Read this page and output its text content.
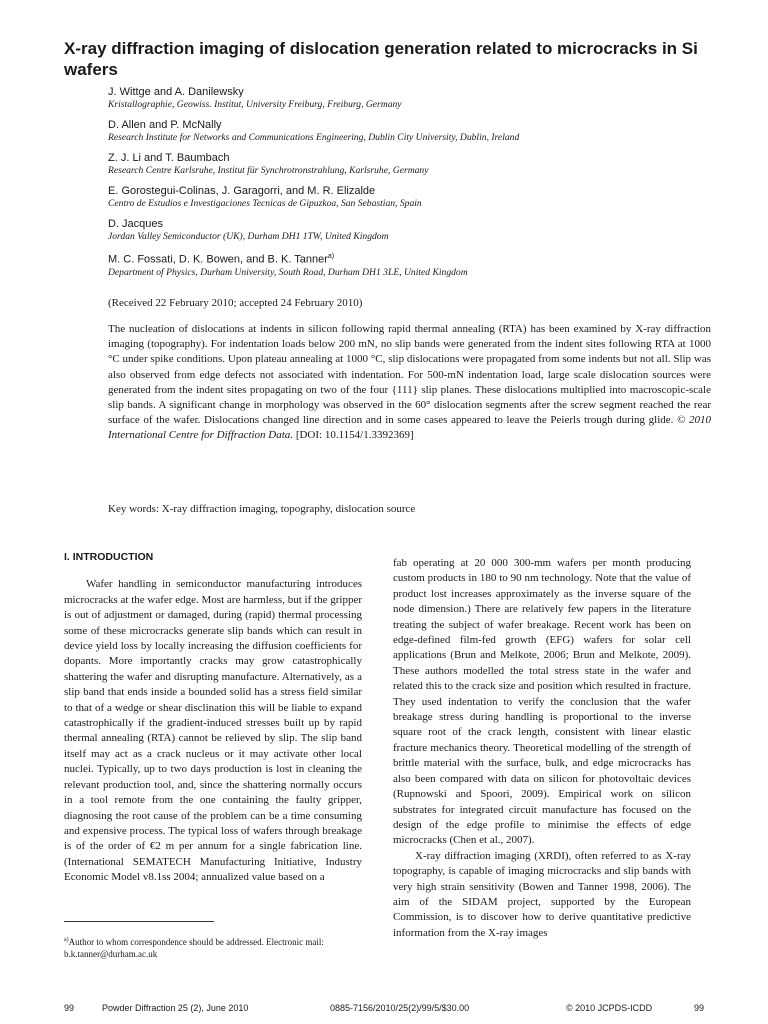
X-ray diffraction imaging of dislocation generation related to microcracks in Si wafers
J. Wittge and A. Danilewsky
Kristallographie, Geowiss. Institut, University Freiburg, Freiburg, Germany
D. Allen and P. McNally
Research Institute for Networks and Communications Engineering, Dublin City University, Dublin, Ireland
Z. J. Li and T. Baumbach
Research Centre Karlsruhe, Institut für Synchrotronstrahlung, Karlsruhe, Germany
E. Gorostegui-Colinas, J. Garagorri, and M. R. Elizalde
Centro de Estudios e Investigaciones Tecnicas de Gipuzkoa, San Sebastian, Spain
D. Jacques
Jordan Valley Semiconductor (UK), Durham DH1 1TW, United Kingdom
M. C. Fossati, D. K. Bowen, and B. K. Tanner$^{a)}$
Department of Physics, Durham University, South Road, Durham DH1 3LE, United Kingdom
(Received 22 February 2010; accepted 24 February 2010)

The nucleation of dislocations at indents in silicon following rapid thermal annealing (RTA) has been examined by X-ray diffraction imaging (topography). For indentation loads below 200 mN, no slip bands were generated from the indent sites following RTA at 1000 °C under spike conditions. Upon plateau annealing at 1000 °C, slip dislocations were propagated from some indents but not all. Slip was also observed from edge defects not associated with indentation. For 500-mN indentation load, large scale dislocation sources were generated from the indent sites propagating on two of the four {111} slip planes. These dislocations multiplied into macroscopic-scale slip bands. A significant change in morphology was observed in the 60° dislocation segments after the screw segment reached the rear surface of the wafer. Dislocations changed line direction and in some cases appeared to leave the Peierls trough during glide. © 2010 International Centre for Diffraction Data. [DOI: 10.1154/1.3392369]

Key words: X-ray diffraction imaging, topography, dislocation source
I. INTRODUCTION

Wafer handling in semiconductor manufacturing introduces microcracks at the wafer edge. Most are harmless, but if the gripper is out of adjustment or damaged, during (rapid) thermal processing some of these microcracks generate slip bands which can result in device yield loss by locally increasing the diffusion coefficients for dopants. More importantly cracks may grow catastrophically shattering the wafer and disrupting manufacture. Alternatively, as a slip band that ends inside a bounded solid has a stress field similar to that of a wedge or shear disclination this will be liable to expand catastrophically if the gradient-induced stresses built up by rapid thermal annealing (RTA) cannot be relieved by slip. The slip band itself may act as a crack nucleus or it may activate other local nuclei. Typically, up to two days production is lost in cleaning the relevant production tool, and, since the shattering normally occurs in a tool remote from the one containing the faulty gripper, diagnosing the root cause of the problem can be a time consuming and expensive process. The typical loss of wafers through breakage is of the order of €2 m per annum for a single fabrication line. (International SEMATECH Manufacturing Initiative, Industry Economic Model v8.1ss 2004; annualized value based on a

fab operating at 20 000 300-mm wafers per month producing custom products in 180 to 90 nm technology. Note that the value of product lost increases approximately as the inverse square of the node dimension.) There are relatively few papers in the literature treating the subject of wafer breakage. Recent work has been on edge-defined film-fed growth (EFG) wafers for solar cell applications (Brun and Melkote, 2006; Brun and Melkote, 2009). These authors modelled the total stress state in the wafer and related this to the crack size and position which resulted in fracture. They used indentation to verify the conclusion that the wafer breakage stress during handling is proportional to the inverse square root of the crack length, consistent with linear elastic fracture mechanics theory. Theoretical modelling of the strength of brittle material with the surface, bulk, and edge microcracks has also been compared with data on silicon for photovoltaic devices (Rupnowski and Spoori, 2009). Empirical work on silicon substrates for integrated circuit manufacture has focused on the design of the edge profile to minimise the effects of edge microcracks (Chen et al., 2007).

X-ray diffraction imaging (XRDI), often referred to as X-ray topography, is capable of imaging microcracks and slip bands with very high strain sensitivity (Bowen and Tanner 1998, 2006). The aim of the SIDAM project, supported by the European Commission, is to discover how to derive quantitative predictive information from the X-ray images

$^{a)}$Author to whom correspondence should be addressed. Electronic mail: b.k.tanner@durham.ac.uk
99	Powder Diffraction 25 (2), June 2010	0885-7156/2010/25(2)/99/5/$30.00	© 2010 JCPDS-ICDD	99
